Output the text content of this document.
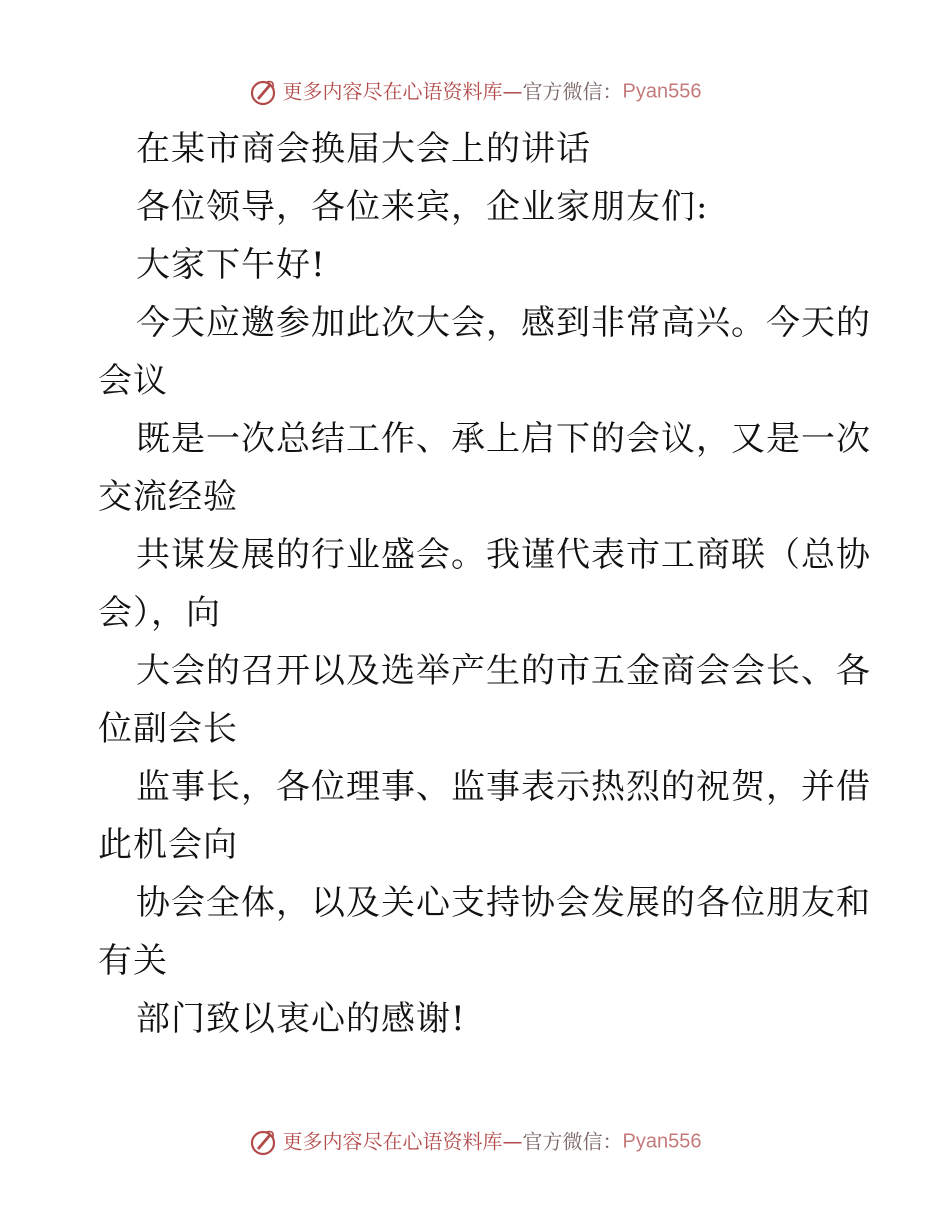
更多内容尽在心语资料库—官方微信：Pyan556
在某市商会换届大会上的讲话
各位领导，各位来宾，企业家朋友们:
大家下午好!
今天应邀参加此次大会，感到非常高兴。今天的
会议
既是一次总结工作、承上启下的会议，又是一次
交流经验
共谋发展的行业盛会。我谨代表市工商联（总协
会），向
大会的召开以及选举产生的市五金商会会长、各
位副会长
监事长，各位理事、监事表示热烈的祝贺，并借
此机会向
协会全体，以及关心支持协会发展的各位朋友和
有关
部门致以衷心的感谢!
更多内容尽在心语资料库—官方微信：Pyan556
